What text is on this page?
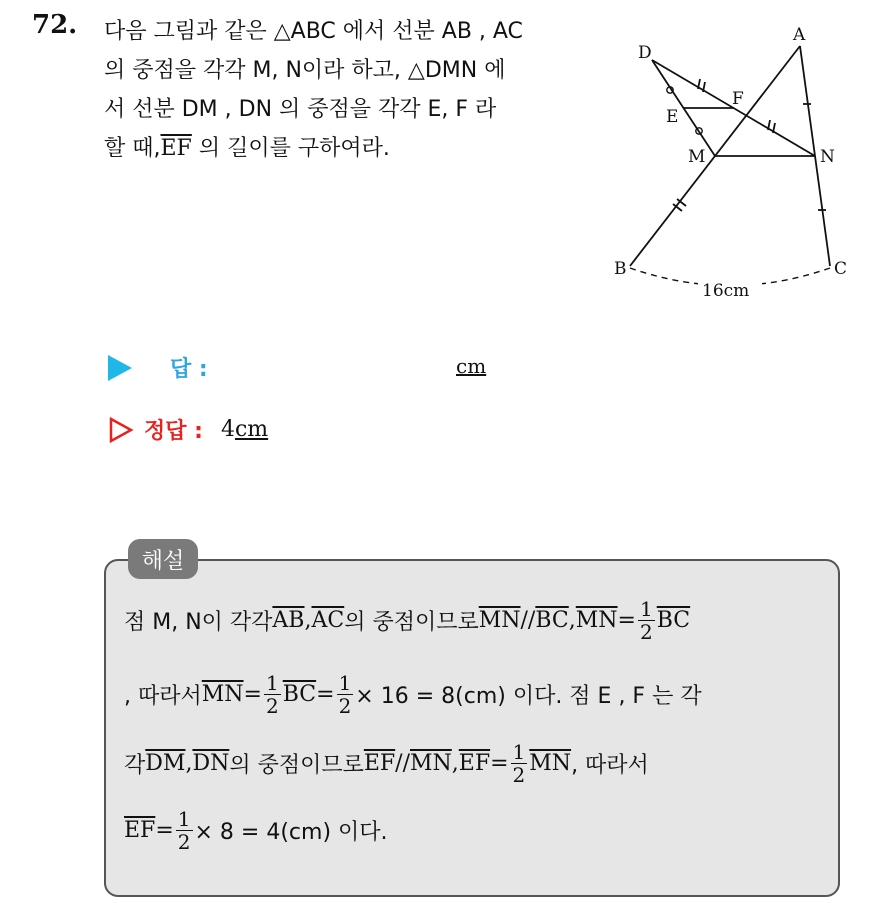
72. 다음 그림과 같은 △ABC 에서 선분 AB , AC

의 중점을 각각 M, N이라 하고, △DMN 에

서 선분 DM , DN 의 중점을 각각 E, F 라

할 때$,\overline{EF}$ 의 길이를 구하여라.

A
B	C
D
E
F
M	N
16cm
답 :	cm
정답 : 4cm
해설
점 M, N이 각각 $\overline{AB}$ , $\overline{AC}$ 의 중점이므로 $\overline{MN} // \overline{BC}$ , $\overline{MN} = \frac{1}{2} \overline{BC}$
, 따라서 $\overline{MN} = \frac{1}{2} \overline{BC} = \frac{1}{2} \times 16 = 8(cm)$ 이다. 점 E , F 는 각
각 $\overline{DM}$ , $\overline{DN}$ 의 중점이므로 $\overline{EF} // \overline{MN}$ , $\overline{EF} = \frac{1}{2} \overline{MN}$ , 따라서
$\overline{EF} = \frac{1}{2} \times 8 = 4(cm)$ 이다.
